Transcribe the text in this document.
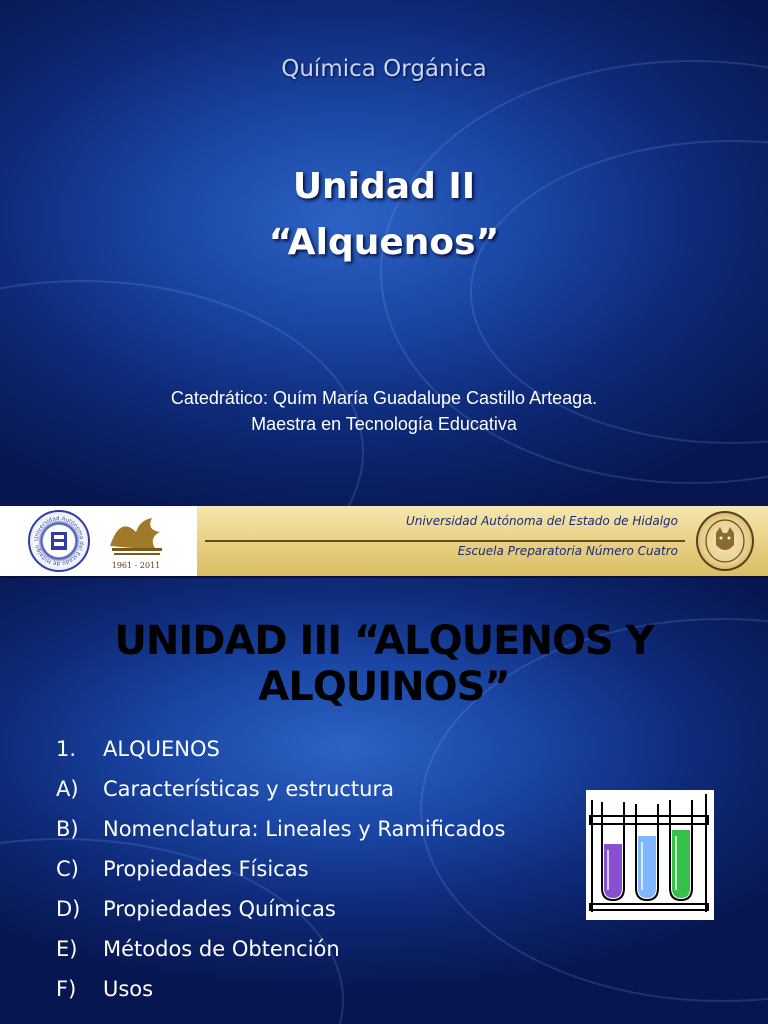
Química Orgánica
Unidad II
“Alquenos”
Catedrático: Quím María Guadalupe Castillo Arteaga.
Maestra en Tecnología Educativa
Universidad Autónoma del Estado de Hidalgo
1961 - 2011
Universidad Autónoma del Estado de Hidalgo
Escuela Preparatoria Número Cuatro
UNIDAD III “ALQUENOS Y ALQUINOS”
1.	ALQUENOS
A)	Características y estructura
B)	Nomenclatura: Lineales y Ramificados
C)	Propiedades Físicas
D)	Propiedades Químicas
E)	Métodos de Obtención
F)	Usos
